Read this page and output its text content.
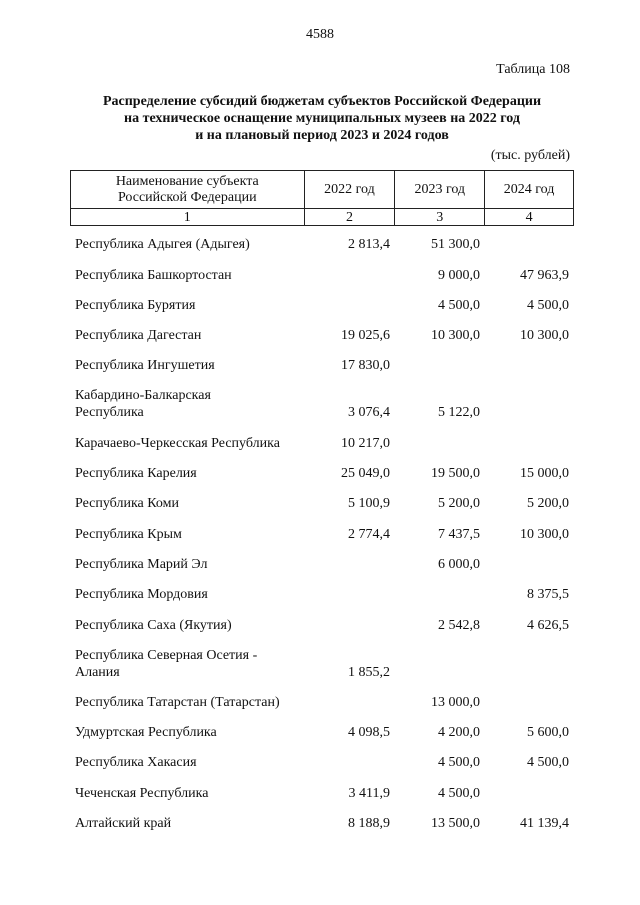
4588
Таблица 108
Распределение субсидий бюджетам субъектов Российской Федерации
на техническое оснащение муниципальных музеев на 2022 год
и на плановый период 2023 и 2024 годов
(тыс. рублей)
Наименование субъекта
Российской Федерации	2022 год	2023 год	2024 год
1	2	3	4
Республика Адыгея (Адыгея)	2 813,4	51 300,0	

Республика Башкортостан		9 000,0	47 963,9

Республика Бурятия		4 500,0	4 500,0

Республика Дагестан	19 025,6	10 300,0	10 300,0

Республика Ингушетия	17 830,0		

Кабардино-Балкарская
Республика	3 076,4	5 122,0	

Карачаево-Черкесская Республика	10 217,0		

Республика Карелия	25 049,0	19 500,0	15 000,0

Республика Коми	5 100,9	5 200,0	5 200,0

Республика Крым	2 774,4	7 437,5	10 300,0

Республика Марий Эл		6 000,0	

Республика Мордовия			8 375,5

Республика Саха (Якутия)		2 542,8	4 626,5

Республика Северная Осетия -
Алания	1 855,2		

Республика Татарстан (Татарстан)		13 000,0	

Удмуртская Республика	4 098,5	4 200,0	5 600,0

Республика Хакасия		4 500,0	4 500,0

Чеченская Республика	3 411,9	4 500,0	

Алтайский край	8 188,9	13 500,0	41 139,4
